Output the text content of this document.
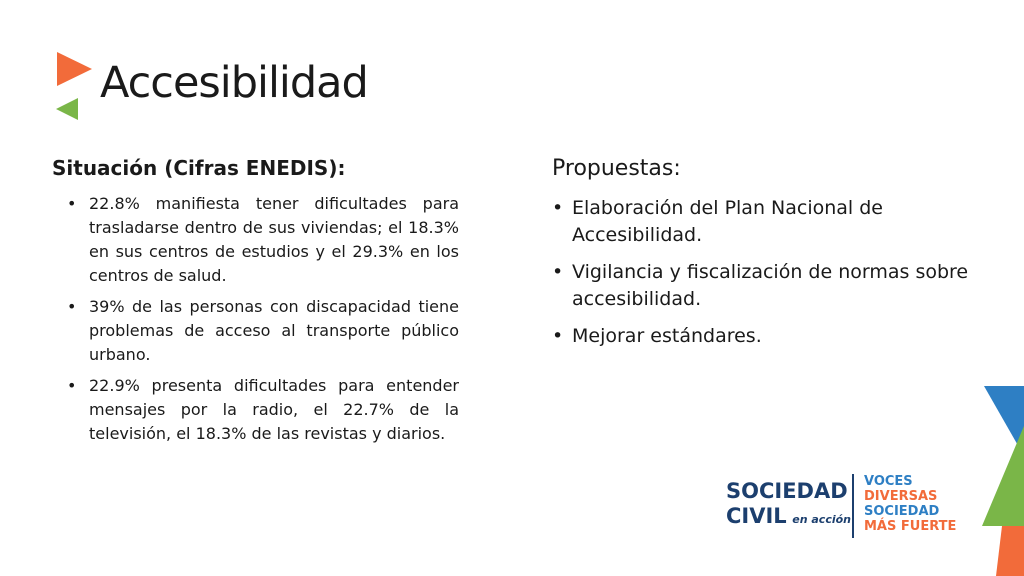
Accesibilidad
Situación (Cifras ENEDIS):
• 22.8% manifiesta tener dificultades para trasladarse dentro de sus viviendas; el 18.3% en sus centros de estudios y el 29.3% en los centros de salud.
• 39% de las personas con discapacidad tiene problemas de acceso al transporte público urbano.
• 22.9% presenta dificultades para entender mensajes por la radio, el 22.7% de la televisión, el 18.3% de las revistas y diarios.
Propuestas:
• Elaboración del Plan Nacional de Accesibilidad.
• Vigilancia y fiscalización de normas sobre accesibilidad.
• Mejorar estándares.
SOCIEDAD
CIVIL en acción
VOCES
DIVERSAS
SOCIEDAD
MÁS FUERTE
